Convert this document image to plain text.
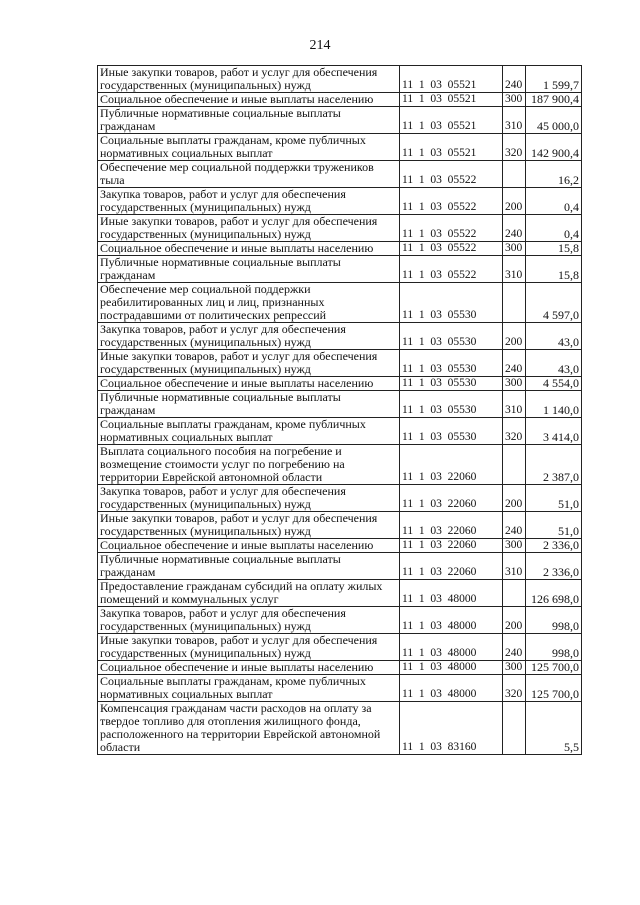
214
Иные закупки товаров, работ и услуг для обеспечения государственных (муниципальных) нужд	11  1  03  05521	240	1 599,7
Социальное обеспечение и иные выплаты населению	11  1  03  05521	300	187 900,4
Публичные нормативные социальные выплаты гражданам	11  1  03  05521	310	45 000,0
Социальные выплаты гражданам, кроме публичных нормативных социальных выплат	11  1  03  05521	320	142 900,4
Обеспечение мер социальной поддержки тружеников тыла	11  1  03  05522		16,2
Закупка товаров, работ и услуг для обеспечения государственных (муниципальных) нужд	11  1  03  05522	200	0,4
Иные закупки товаров, работ и услуг для обеспечения государственных (муниципальных) нужд	11  1  03  05522	240	0,4
Социальное обеспечение и иные выплаты населению	11  1  03  05522	300	15,8
Публичные нормативные социальные выплаты гражданам	11  1  03  05522	310	15,8
Обеспечение мер социальной поддержки реабилитированных лиц и лиц, признанных пострадавшими от политических репрессий	11  1  03  05530		4 597,0
Закупка товаров, работ и услуг для обеспечения государственных (муниципальных) нужд	11  1  03  05530	200	43,0
Иные закупки товаров, работ и услуг для обеспечения государственных (муниципальных) нужд	11  1  03  05530	240	43,0
Социальное обеспечение и иные выплаты населению	11  1  03  05530	300	4 554,0
Публичные нормативные социальные выплаты гражданам	11  1  03  05530	310	1 140,0
Социальные выплаты гражданам, кроме публичных нормативных социальных выплат	11  1  03  05530	320	3 414,0
Выплата социального пособия на погребение и возмещение стоимости услуг по погребению на территории Еврейской автономной области	11  1  03  22060		2 387,0
Закупка товаров, работ и услуг для обеспечения государственных (муниципальных) нужд	11  1  03  22060	200	51,0
Иные закупки товаров, работ и услуг для обеспечения государственных (муниципальных) нужд	11  1  03  22060	240	51,0
Социальное обеспечение и иные выплаты населению	11  1  03  22060	300	2 336,0
Публичные нормативные социальные выплаты гражданам	11  1  03  22060	310	2 336,0
Предоставление гражданам субсидий на оплату жилых помещений и коммунальных услуг	11  1  03  48000		126 698,0
Закупка товаров, работ и услуг для обеспечения государственных (муниципальных) нужд	11  1  03  48000	200	998,0
Иные закупки товаров, работ и услуг для обеспечения государственных (муниципальных) нужд	11  1  03  48000	240	998,0
Социальное обеспечение и иные выплаты населению	11  1  03  48000	300	125 700,0
Социальные выплаты гражданам, кроме публичных нормативных социальных выплат	11  1  03  48000	320	125 700,0
Компенсация гражданам части расходов на оплату за твердое топливо для отопления жилищного фонда, расположенного на территории Еврейской автономной области	11  1  03  83160		5,5
